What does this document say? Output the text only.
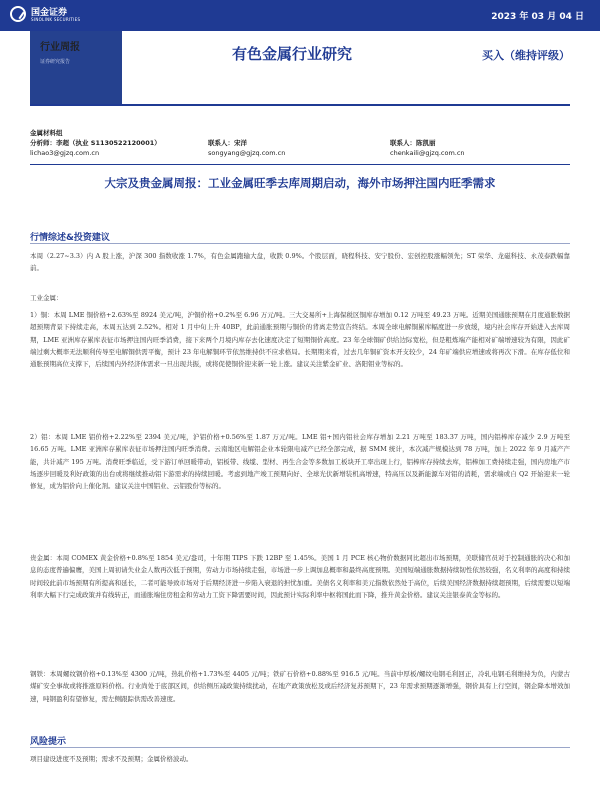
国金证券
SINOLINK SECURITIES	2023 年 03 月 04 日
行业周报
证券研究报告	有色金属行业研究	买入（维持评级）
金属材料组
分析师：李超（执业 S1130522120001）
lichao3@gjzq.com.cn
联系人：宋洋
songyang@gjzq.com.cn
联系人：陈凯丽
chenkaili@gjzq.com.cn
大宗及贵金属周报：工业金属旺季去库周期启动，海外市场押注国内旺季需求
行情综述&投资建议
本周（2.27~3.3）内 A 股上涨，沪深 300 指数收涨 1.7%，有色金属跑输大盘，收跌 0.9%。个股层面，晓程科技、安宁股份、宏创控股涨幅领先；ST 荣华、龙磁科技、永茂泰跌幅靠前。
工业金属：
1）铜：本周 LME 铜价格+2.63%至 8924 美元/吨，沪铜价格+0.2%至 6.96 万元/吨。三大交易所+上海保税区铜库存增加 0.12 万吨至 49.23 万吨。近期美国通胀预期在月度通胀数据超预期背景下持续走高，本周五达到 2.52%。相对 1 月中旬上升 40BP，此前通胀预期与铜价的背离走势宣告终结。本周全球电解铜累库幅度进一步放缓，境内社会库存开始进入去库周期，LME 亚洲库存累库表征市场押注国内旺季消费，接下来两个月境内库存去化速度决定了短期铜价高度。23 年全球铜矿供给边际宽松，但是粗炼端产能相对矿端增速较为有限，因此矿端过剩大概率无法顺利传导至电解铜供需平衡，预计 23 年电解铜环节依然维持供不应求格局。长期期来看，过去几年铜矿资本开支较少，24 年矿端供应增速或将再次下滑。在库存低位和通胀预期高位支撑下，后续国内外经济体需求一旦出现共振，或将促使铜价迎来新一轮上涨。建议关注紫金矿业、洛阳钼业等标的。
2）铝：本周 LME 铝价格+2.22%至 2394 美元/吨，沪铝价格+0.56%至 1.87 万元/吨。LME 铝+国内铝社会库存增加 2.21 万吨至 183.37 万吨，国内铝棒库存减少 2.9 万吨至 16.65 万吨。LME 亚洲库存累库表征市场押注国内旺季消费。云南地区电解铝企业本轮限电减产已经全部完成，据 SMM 统计，本次减产规模达到 78 万吨，加上 2022 年 9 月减产产能，共计减产 195 万吨。消费旺季临近，受下游订单回暖带动，铝板带、线缆、型材、再生合金等多数加工板块开工率出现上行，铝棒库存持续去库，铝棒加工费持续走强，国内房地产市场逐步回暖及利好政策的出台或将继续推动铝下游需求的持续回暖。考虑到地产竣工预期向好、全球光伏新增装机高增速，特高压以及新能源车对铝的消耗，需求端或自 Q2 开始迎来一轮修复，成为铝价向上催化剂。建议关注中国铝业、云铝股份等标的。
贵金属：本周 COMEX 黄金价格+0.8%至 1854 美元/盎司，十年期 TIPS 下跌 12BP 至 1.45%。美国 1 月 PCE 核心物价数据同比超出市场预期，美联储官员对于控制通胀的决心和加息的态度普遍偏鹰，美国上周初请失业金人数再次低于预期，劳动力市场持续走强，市场进一步上调加息概率和最终高度预期。美国短端通胀数据持续韧性依然较强，名义利率的高度和持续时间较此前市场预期有所提高和延长，二者可能导致市场对于后期经济进一步陷入衰退的担忧加重。美债名义利率和美元指数依然处于高位，后续美国经济数据持续超预期，后续需要以短端利率大幅下行完成政策并有线转正，而通胀端住房租金和劳动力工资下降需要时间，因此预计实际利率中枢将国此而下降，推升黄金价格。建议关注银泰黄金等标的。
钢铁：本周螺纹钢价格+0.13%至 4300 元/吨，热轧价格+1.73%至 4405 元/吨；铁矿石价格+0.88%至 916.5 元/吨。当前中厚板/螺纹电钢毛利回正，冷轧电钢毛利维持为负，内蒙古煤矿安全事故或将推涨原料价格。行业尚处于底部区间，供给侧压减政策持续扰动，在地产政策放松及或后经济复苏预期下，23 年需求预期逐渐增强，钢价具有上行空间，钢企降本增效加速，吨钢盈利有望修复，需左侧跟踪供需改善速度。
风险提示
项目建设进度不及预期；需求不及预期；金属价格波动。
